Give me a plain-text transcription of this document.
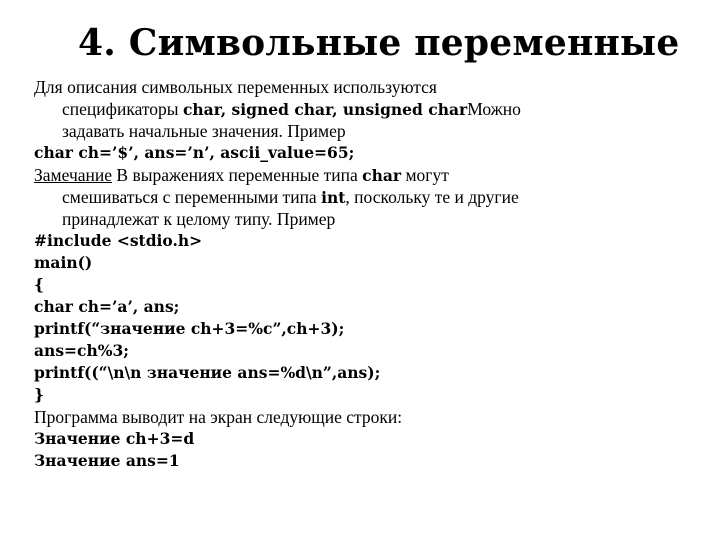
4. Символьные переменные
Для описания символьных переменных используются
спецификаторы char, signed char, unsigned charМожно
задавать начальные значения. Пример
char ch=’$’, ans=’n’, ascii_value=65;
Замечание В выражениях переменные типа char могут
смешиваться с переменными типа int, поскольку те и другие
принадлежат к целому типу. Пример
#include <stdio.h>
main()
{
char ch=’a’, ans;
printf(“значение ch+3=%c”,ch+3);
ans=ch%3;
printf((“\n\n значение ans=%d\n”,ans);
}
Программа выводит на экран следующие строки:
Значение ch+3=d
Значение ans=1
